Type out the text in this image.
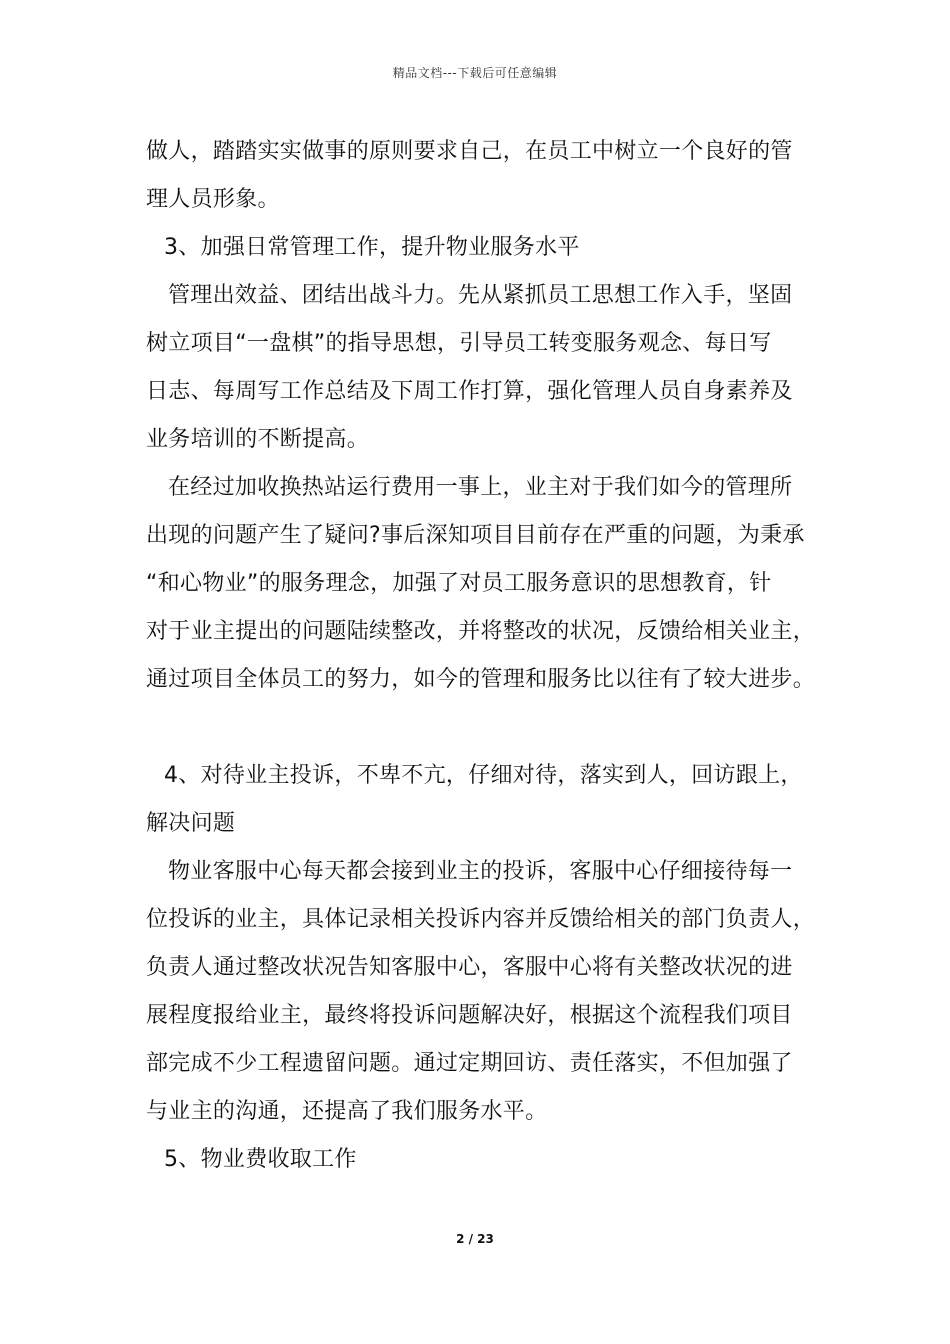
精品文档---下载后可任意编辑
做人，踏踏实实做事的原则要求自己，在员工中树立一个良好的管
理人员形象。
3、加强日常管理工作，提升物业服务水平
管理出效益、团结出战斗力。先从紧抓员工思想工作入手，坚固
树立项目“一盘棋”的指导思想，引导员工转变服务观念、每日写
日志、每周写工作总结及下周工作打算，强化管理人员自身素养及
业务培训的不断提高。
在经过加收换热站运行费用一事上，业主对于我们如今的管理所
出现的问题产生了疑问?事后深知项目目前存在严重的问题，为秉承
“和心物业”的服务理念，加强了对员工服务意识的思想教育，针
对于业主提出的问题陆续整改，并将整改的状况，反馈给相关业主，
通过项目全体员工的努力，如今的管理和服务比以往有了较大进步。
4、对待业主投诉，不卑不亢，仔细对待，落实到人，回访跟上，
解决问题
物业客服中心每天都会接到业主的投诉，客服中心仔细接待每一
位投诉的业主，具体记录相关投诉内容并反馈给相关的部门负责人，
负责人通过整改状况告知客服中心，客服中心将有关整改状况的进
展程度报给业主，最终将投诉问题解决好，根据这个流程我们项目
部完成不少工程遗留问题。通过定期回访、责任落实，不但加强了
与业主的沟通，还提高了我们服务水平。
5、物业费收取工作
2 / 23
